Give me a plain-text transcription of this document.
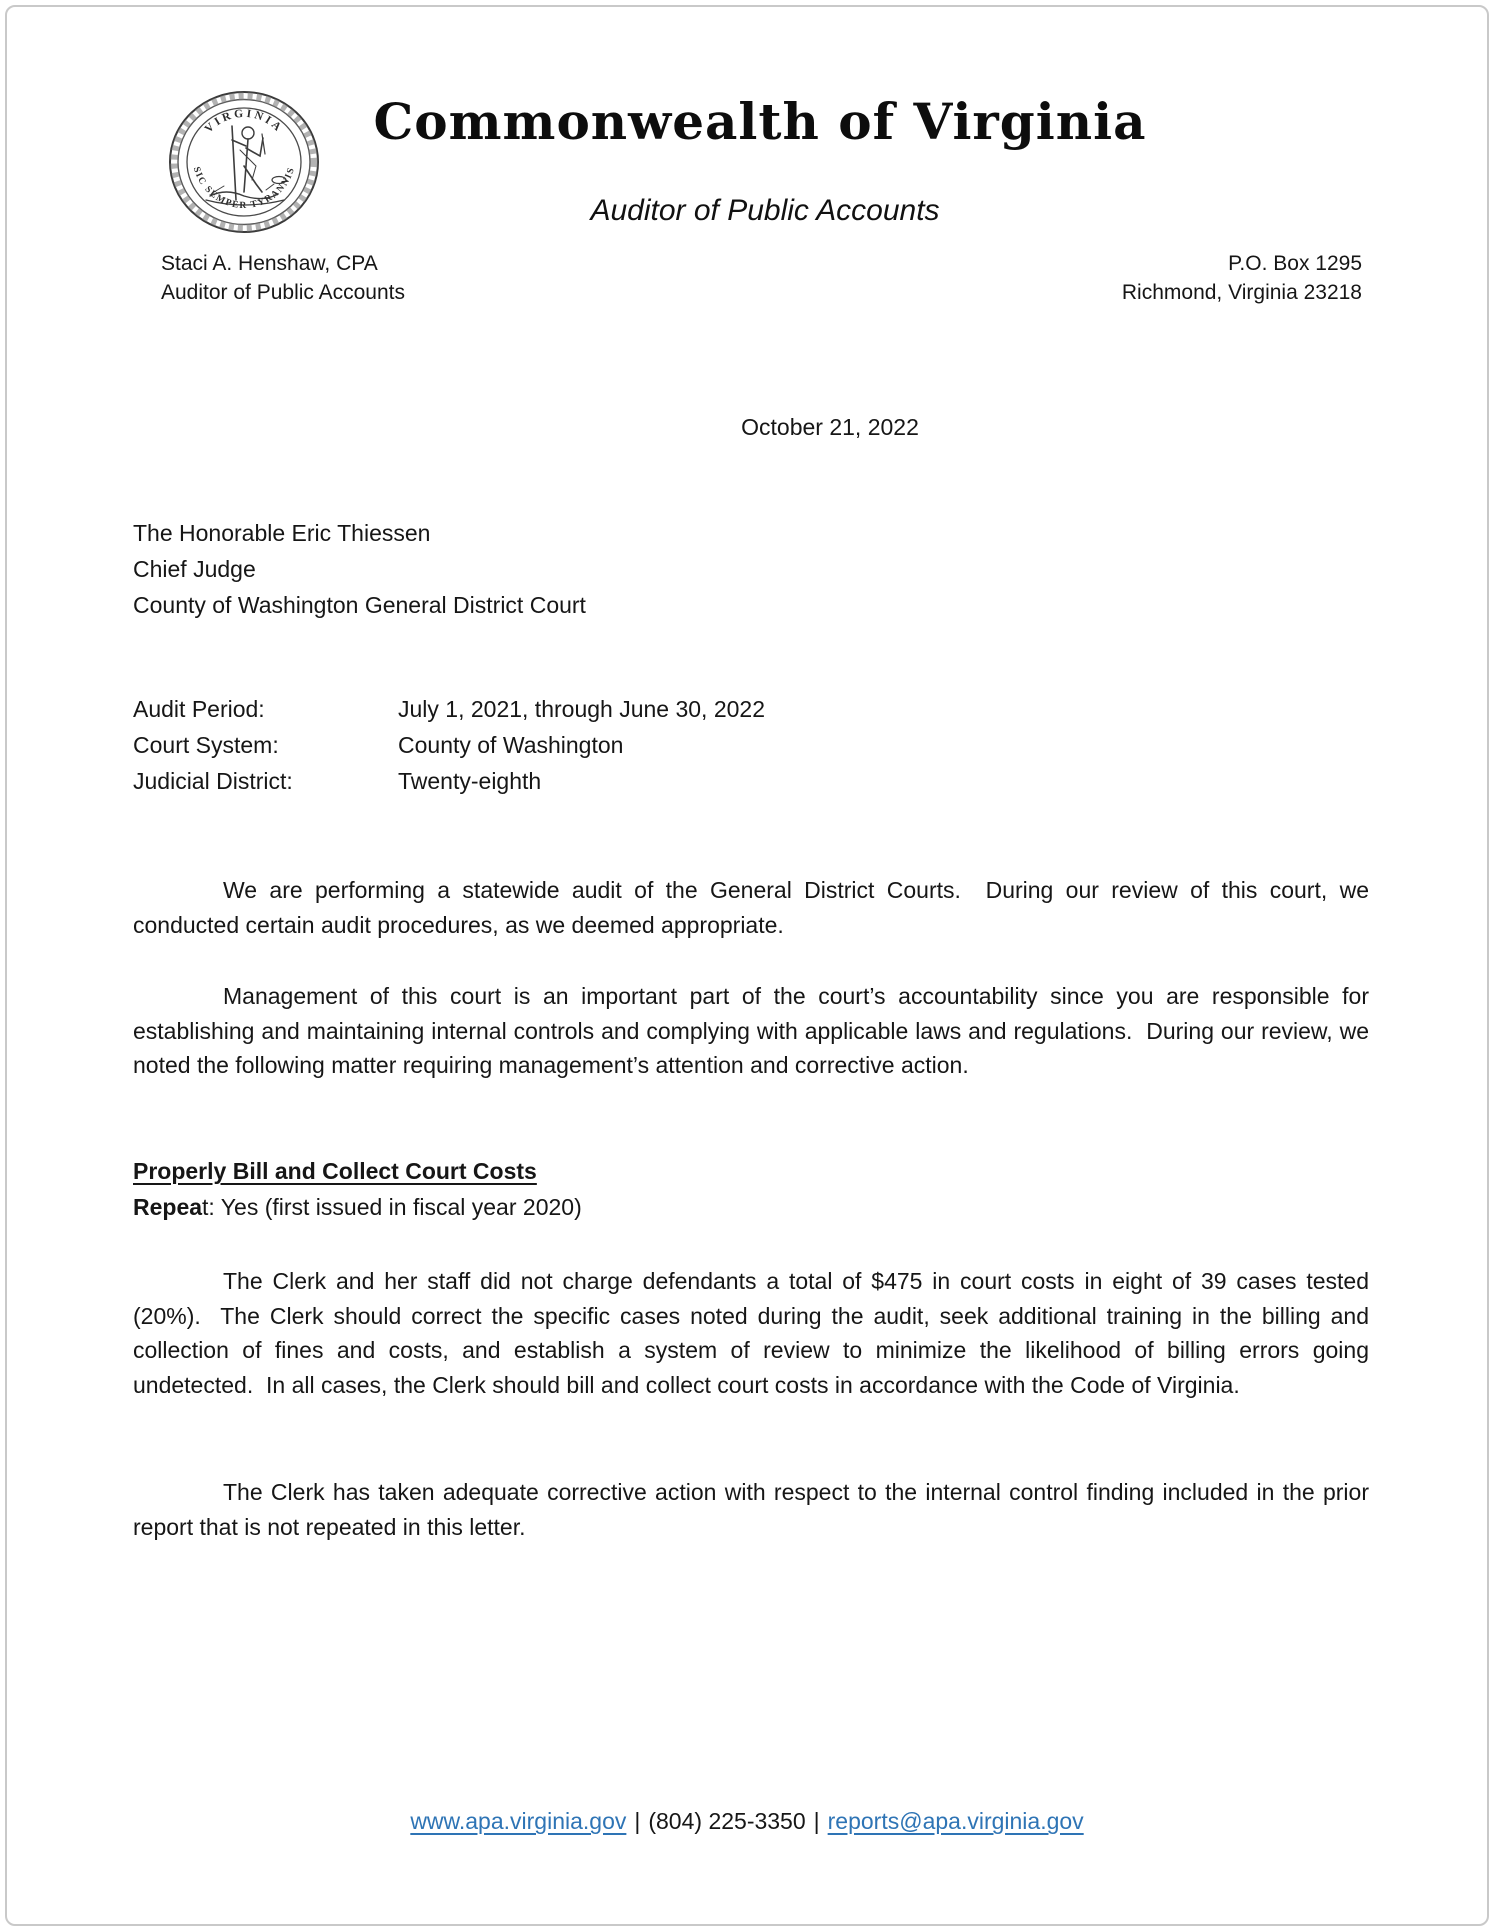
VIRGINIA
SIC SEMPER TYRANNIS
Commonwealth of Virginia
Auditor of Public Accounts
Staci A. Henshaw, CPA
Auditor of Public Accounts
P.O. Box 1295
Richmond, Virginia 23218
October 21, 2022
The Honorable Eric Thiessen
Chief Judge
County of Washington General District Court
Audit Period:	July 1, 2021, through June 30, 2022
Court System:	County of Washington
Judicial District:	Twenty-eighth
We are performing a statewide audit of the General District Courts.  During our review of this court, we conducted certain audit procedures, as we deemed appropriate.
Management of this court is an important part of the court’s accountability since you are responsible for establishing and maintaining internal controls and complying with applicable laws and regulations.  During our review, we noted the following matter requiring management’s attention and corrective action.
Properly Bill and Collect Court Costs
Repeat: Yes (first issued in fiscal year 2020)
The Clerk and her staff did not charge defendants a total of $475 in court costs in eight of 39 cases tested (20%).  The Clerk should correct the specific cases noted during the audit, seek additional training in the billing and collection of fines and costs, and establish a system of review to minimize the likelihood of billing errors going undetected.  In all cases, the Clerk should bill and collect court costs in accordance with the Code of Virginia.
The Clerk has taken adequate corrective action with respect to the internal control finding included in the prior report that is not repeated in this letter.
www.apa.virginia.gov | (804) 225-3350 | reports@apa.virginia.gov
